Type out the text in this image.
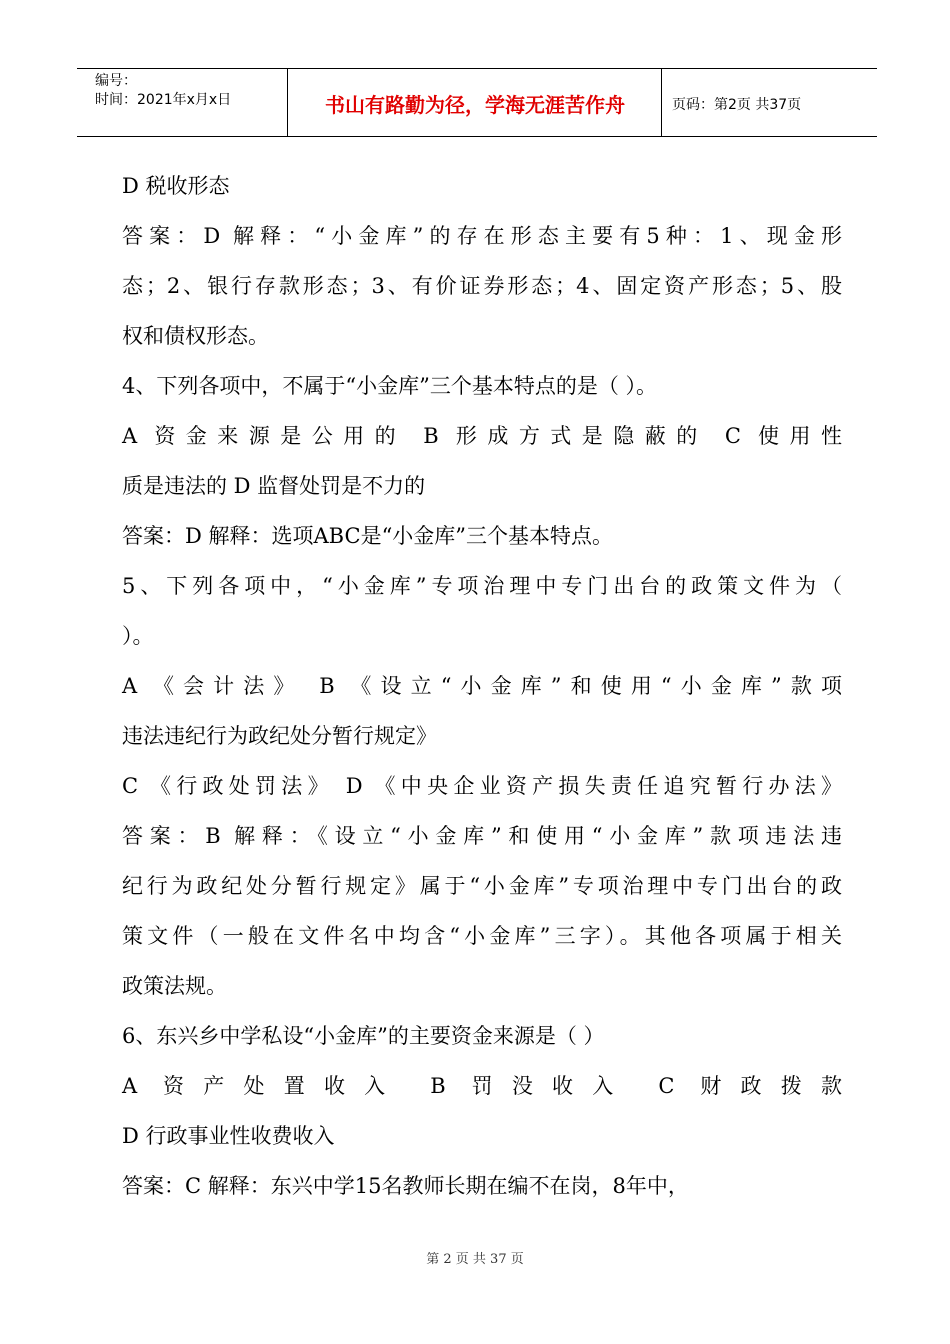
编号：
时间：2021年x月x日	书山有路勤为径，学海无涯苦作舟	页码：第2页 共37页
D 税收形态
答案：D 解释：“小金库”的存在形态主要有5种：1、现金形
态；2、银行存款形态；3、有价证券形态；4、固定资产形态；5、股
权和债权形态。
4、下列各项中，不属于“小金库”三个基本特点的是（ ）。
A 资金来源是公用的 B 形成方式是隐蔽的 C 使用性
质是违法的 D 监督处罚是不力的
答案：D 解释：选项ABC是“小金库”三个基本特点。
5、下列各项中，“小金库”专项治理中专门出台的政策文件为（
）。
A 《会计法》 B 《设立“小金库”和使用“小金库”款项
违法违纪行为政纪处分暂行规定》
C 《行政处罚法》 D 《中央企业资产损失责任追究暂行办法》
答案：B 解释：《设立“小金库”和使用“小金库”款项违法违
纪行为政纪处分暂行规定》属于“小金库”专项治理中专门出台的政
策文件（一般在文件名中均含“小金库”三字）。其他各项属于相关
政策法规。
6、东兴乡中学私设“小金库”的主要资金来源是（ ）
A 资产处置收入 B 罚没收入 C 财政拨款
D 行政事业性收费收入
答案：C 解释：东兴中学15名教师长期在编不在岗，8年中，
第 2 页 共 37 页
